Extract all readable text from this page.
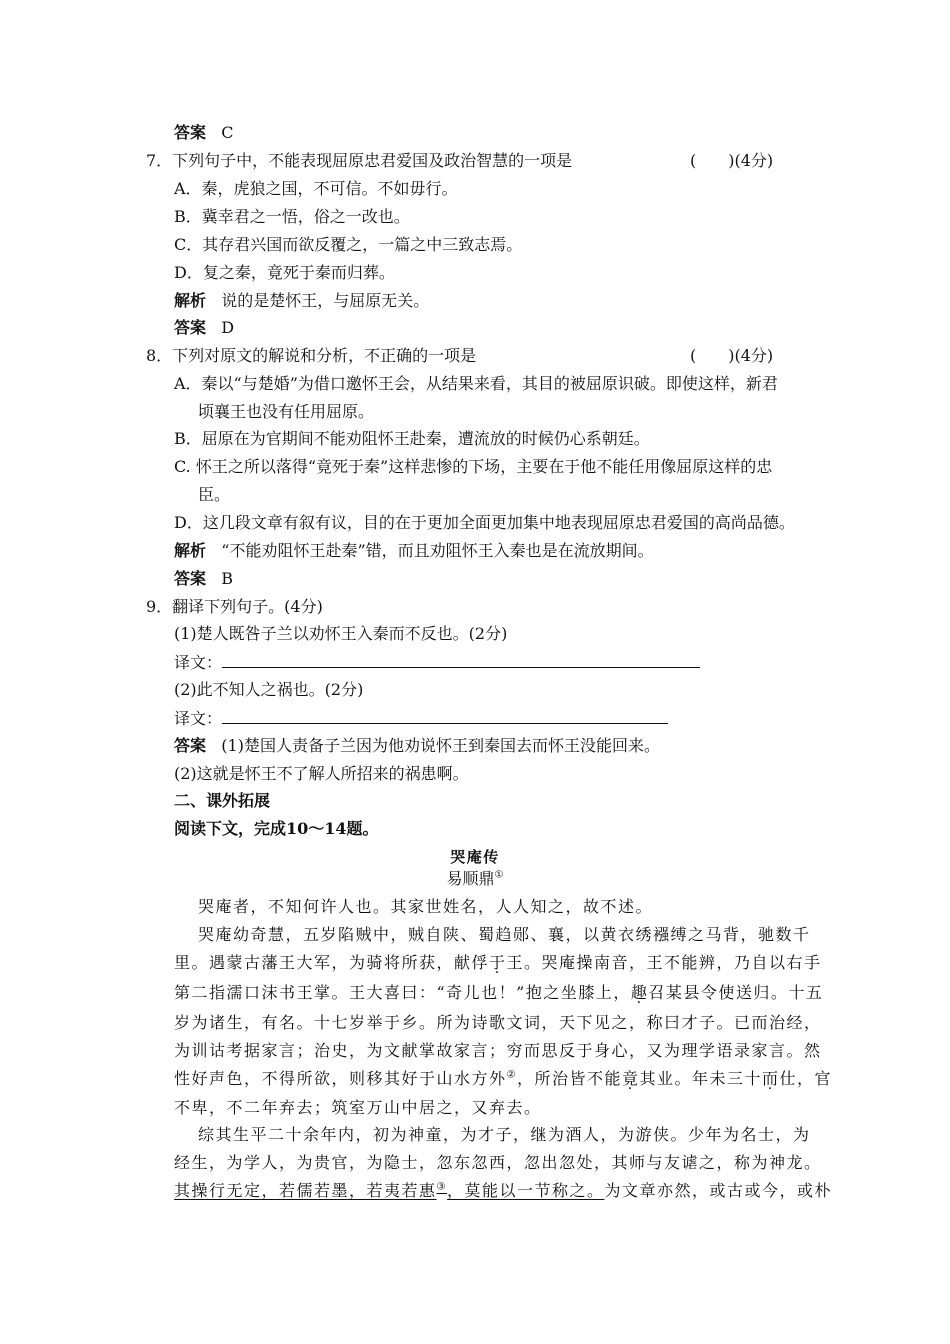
答案 C
7．下列句子中，不能表现屈原忠君爱国及政治智慧的一项是	(　　)(4分)
A．秦，虎狼之国，不可信。不如毋行。
B．冀幸君之一悟，俗之一改也。
C．其存君兴国而欲反覆之，一篇之中三致志焉。
D．复之秦，竟死于秦而归葬。
解析 说的是楚怀王，与屈原无关。
答案 D
8．下列对原文的解说和分析，不正确的一项是	(　　)(4分)
A．秦以“与楚婚”为借口邀怀王会，从结果来看，其目的被屈原识破。即使这样，新君
顷襄王也没有任用屈原。
B．屈原在为官期间不能劝阻怀王赴秦，遭流放的时候仍心系朝廷。
C. 怀王之所以落得“竟死于秦”这样悲惨的下场，主要在于他不能任用像屈原这样的忠
臣。
D．这几段文章有叙有议，目的在于更加全面更加集中地表现屈原忠君爱国的高尚品德。
解析 “不能劝阻怀王赴秦”错，而且劝阻怀王入秦也是在流放期间。
答案 B
9．翻译下列句子。(4分)
(1)楚人既咎子兰以劝怀王入秦而不反也。(2分)
译文：
(2)此不知人之祸也。(2分)
译文：
答案 (1)楚国人责备子兰因为他劝说怀王到秦国去而怀王没能回来。
(2)这就是怀王不了解人所招来的祸患啊。
二、课外拓展
阅读下文，完成10～14题。
哭庵传
易顺鼎①
哭庵者，不知何许人也。其家世姓名，人人知之，故不述。
哭庵幼奇慧，五岁陷贼中，贼自陕、蜀趋郧、襄，以黄衣绣襁缚之马背，驰数千
里。遇蒙古藩王大军，为骑将所获，献俘于王。哭庵操南音，王不能辨，乃自以右手
第二指濡口沫书王掌。王大喜曰：“奇儿也！”抱之坐膝上，趣召某县令使送归。十五
岁为诸生，有名。十七岁举于乡。所为诗歌文词，天下见之，称曰才子。已而治经，
为训诂考据家言；治史，为文献掌故家言；穷而思反于身心，又为理学语录家言。然
性好声色，不得所欲，则移其好于山水方外②，所治皆不能竟其业。年未三十而仕，官
不卑，不二年弃去；筑室万山中居之，又弃去。
综其生平二十余年内，初为神童，为才子，继为酒人，为游侠。少年为名士，为
经生，为学人，为贵官，为隐士，忽东忽西，忽出忽处，其师与友谑之，称为神龙。
其操行无定，若儒若墨，若夷若惠③，莫能以一节称之。为文章亦然，或古或今，或朴
